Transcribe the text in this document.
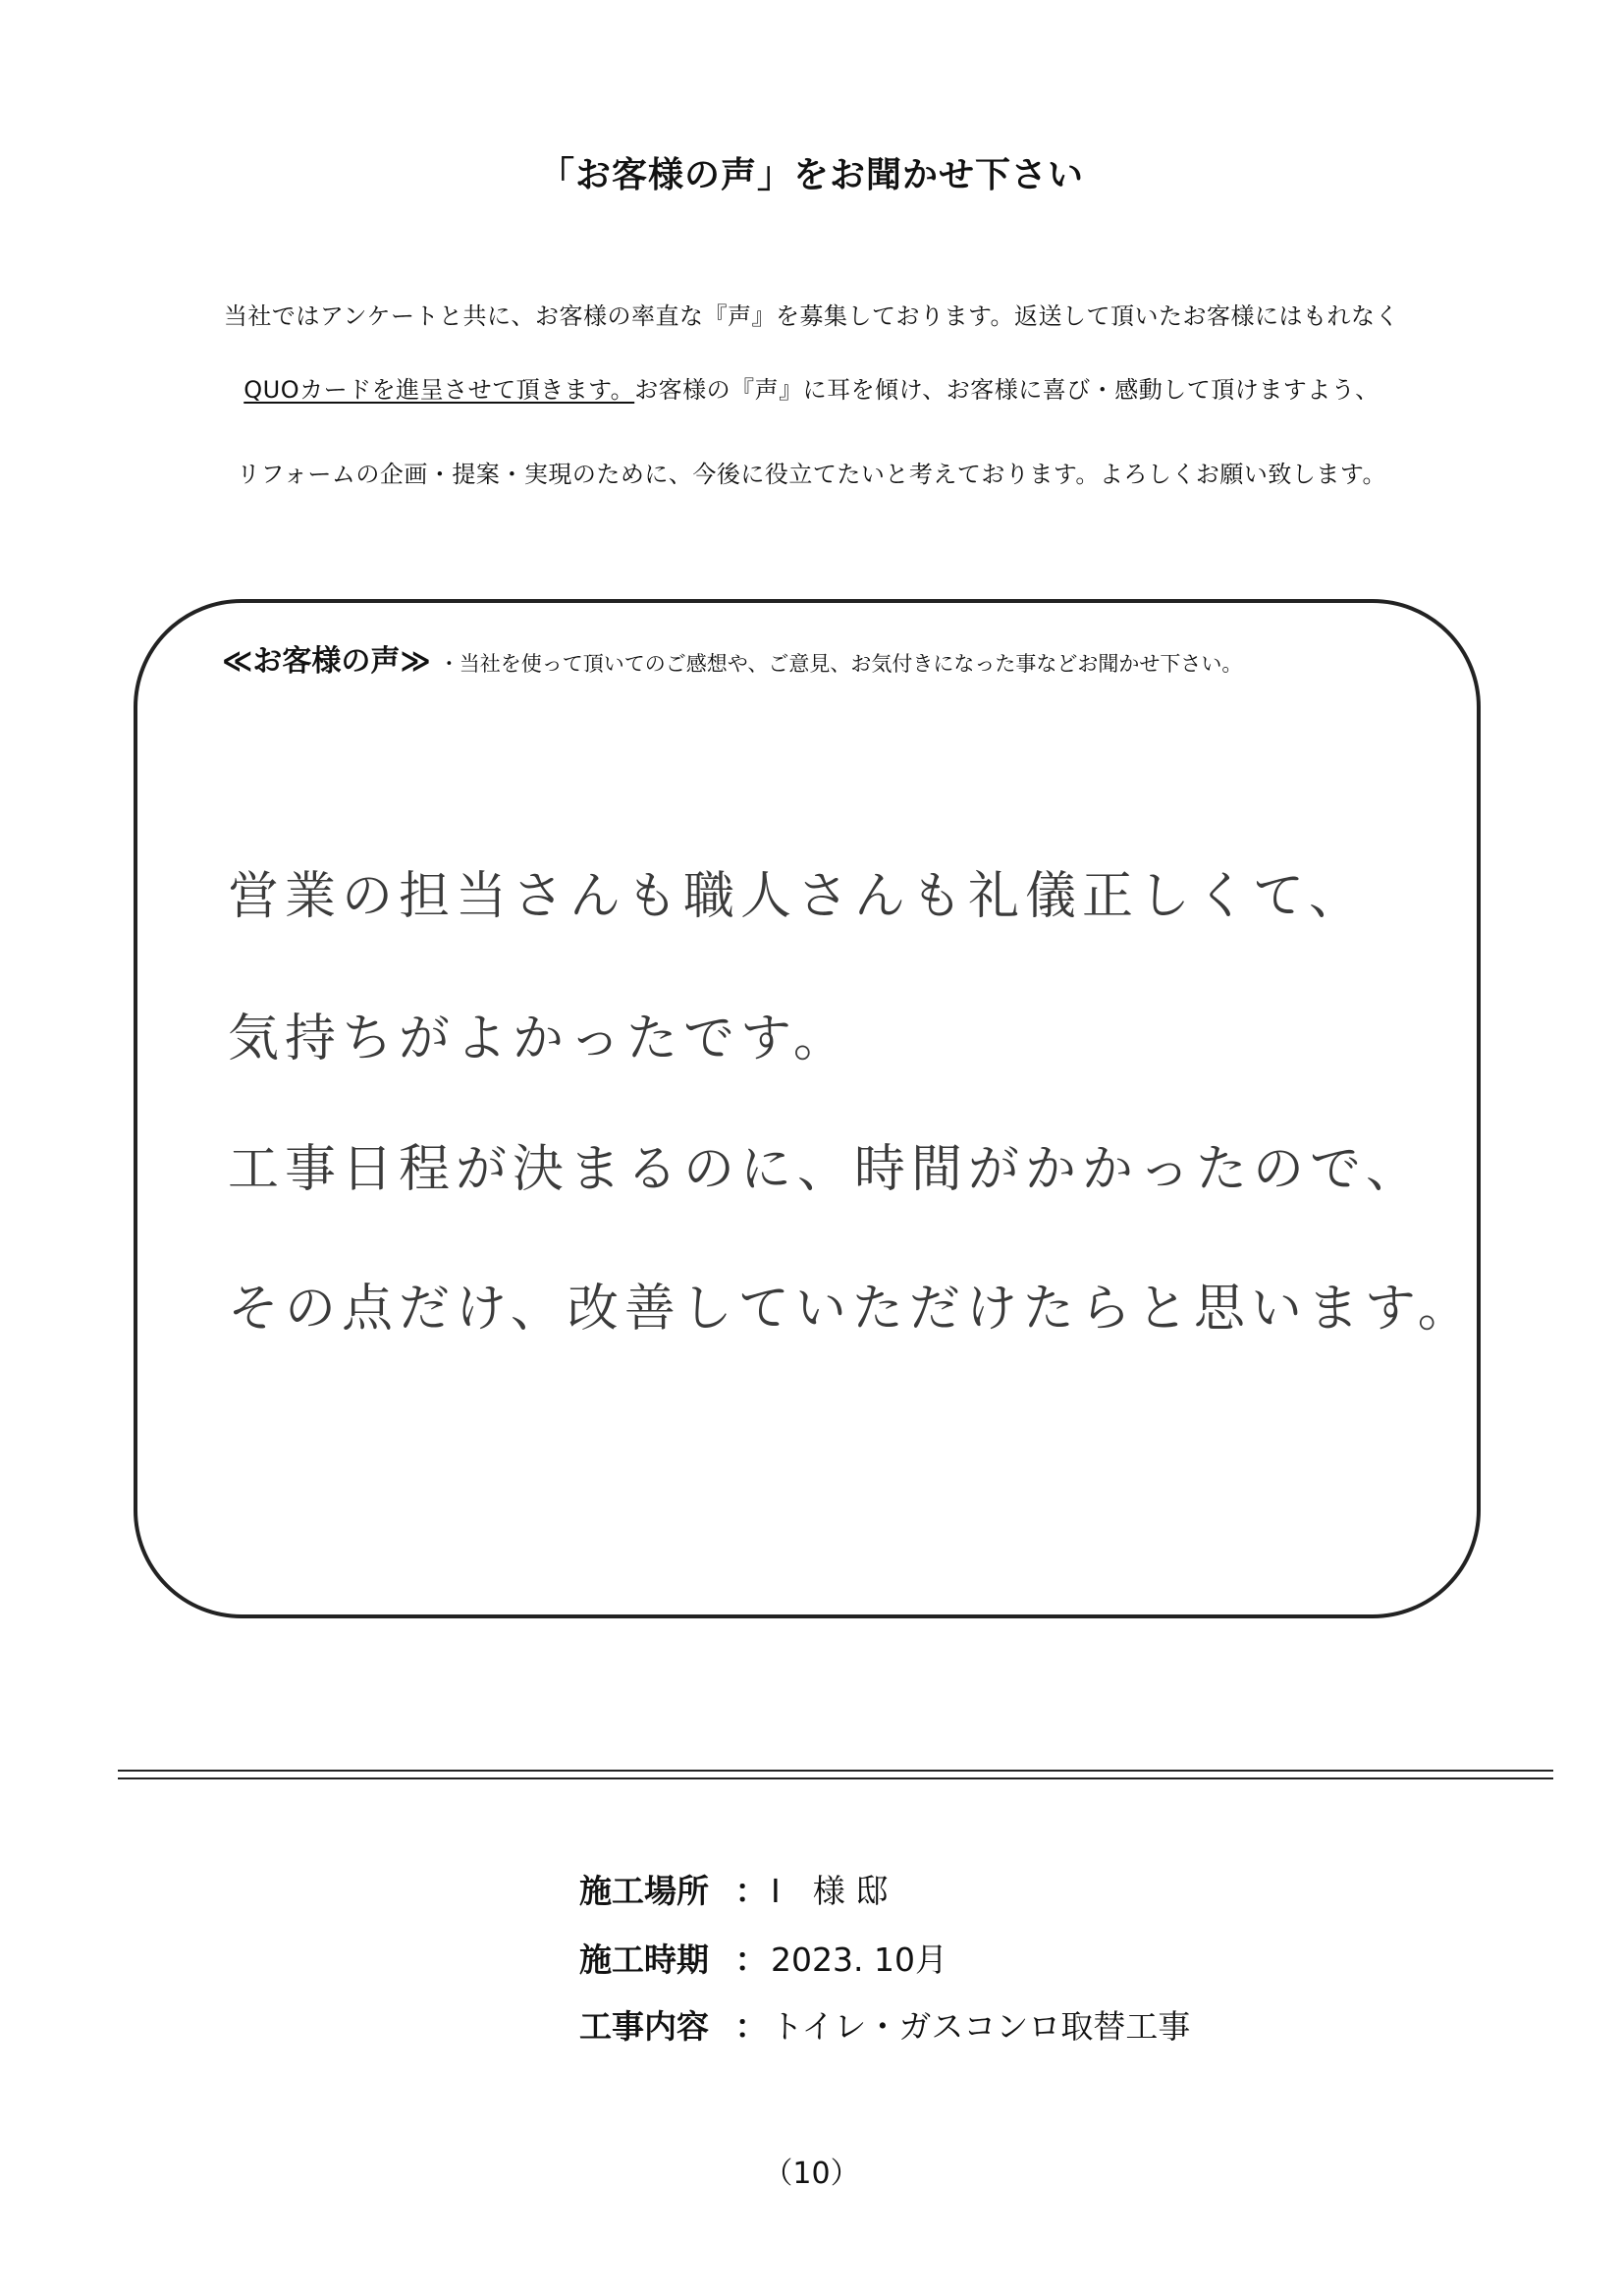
「お客様の声」をお聞かせ下さい
当社ではアンケートと共に、お客様の率直な『声』を募集しております。返送して頂いたお客様にはもれなく
QUOカードを進呈させて頂きます。お客様の『声』に耳を傾け、お客様に喜び・感動して頂けますよう、
リフォームの企画・提案・実現のために、今後に役立てたいと考えております。よろしくお願い致します。
≪お客様の声≫ ・当社を使って頂いてのご感想や、ご意見、お気付きになった事などお聞かせ下さい。
営業の担当さんも職人さんも礼儀正しくて、
気持ちがよかったです。
工事日程が決まるのに、時間がかかったので、
その点だけ、改善していただけたらと思います。
施工場所 ： I　様 邸
施工時期 ： 2023. 10月
工事内容 ： トイレ・ガスコンロ取替工事
（10）
